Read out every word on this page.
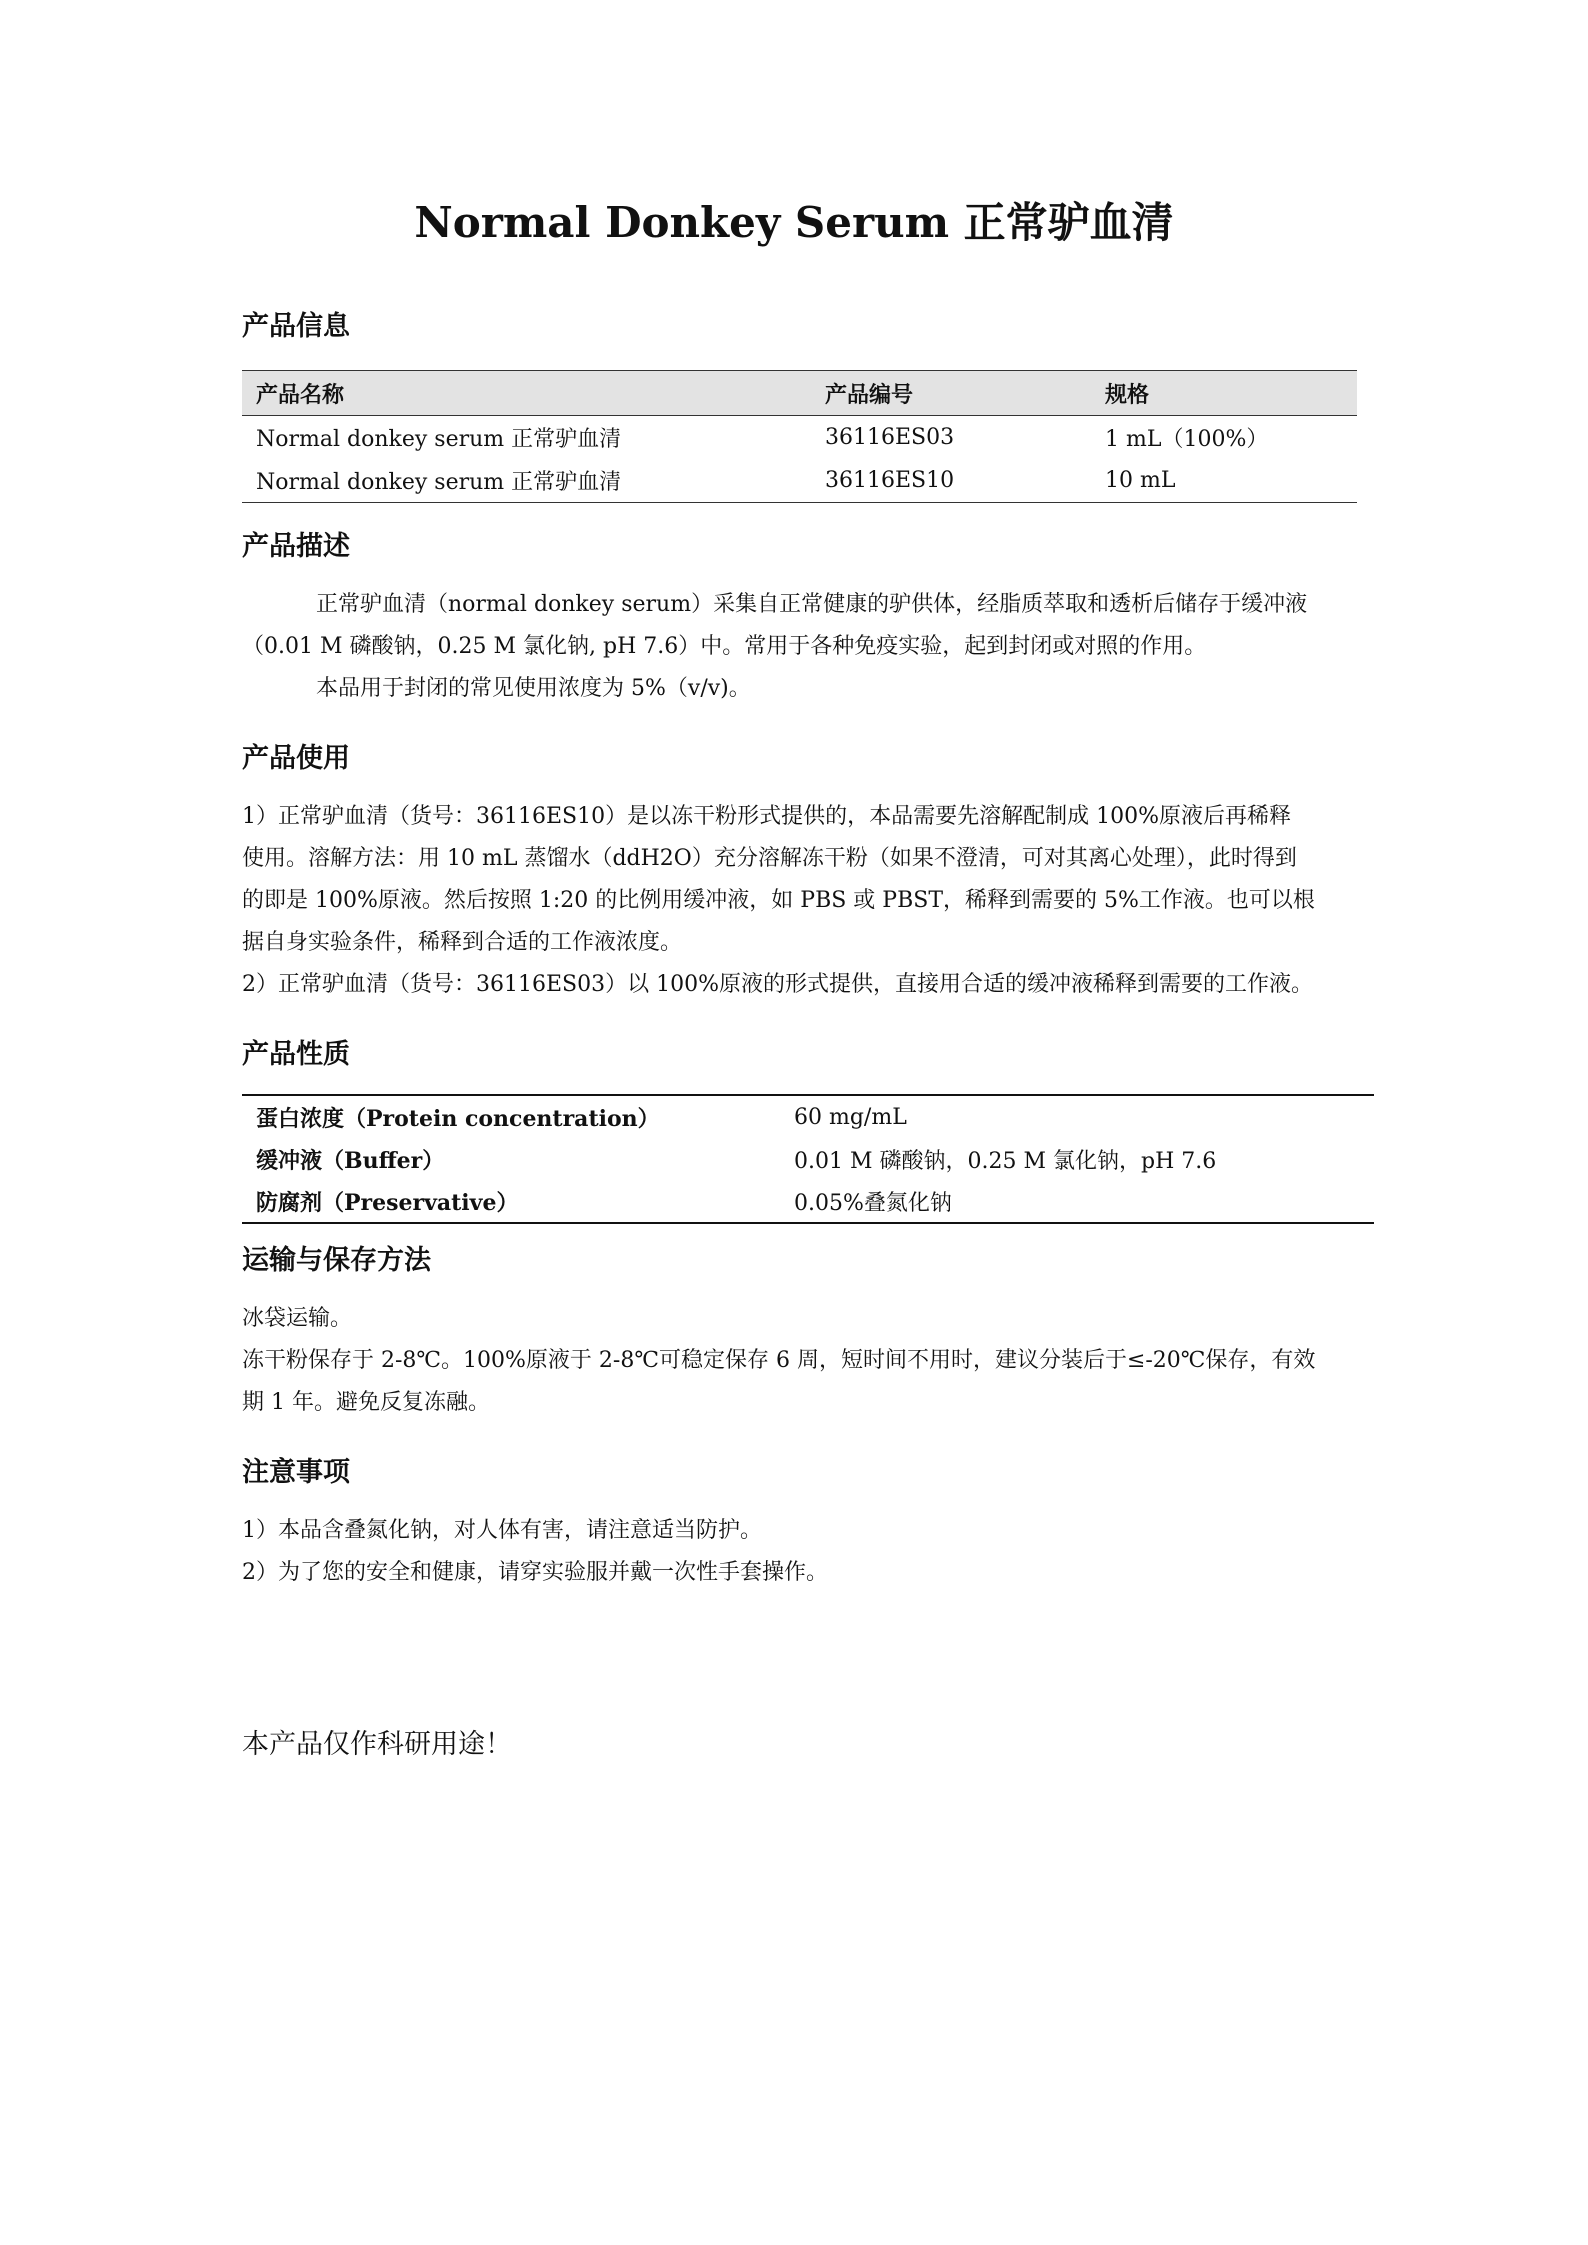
Normal Donkey Serum 正常驴血清
产品信息
产品名称	产品编号	规格
Normal donkey serum 正常驴血清	36116ES03	1 mL（100%）
Normal donkey serum 正常驴血清	36116ES10	10 mL
产品描述
正常驴血清（normal donkey serum）采集自正常健康的驴供体，经脂质萃取和透析后储存于缓冲液
（0.01 M 磷酸钠，0.25 M 氯化钠, pH 7.6）中。常用于各种免疫实验，起到封闭或对照的作用。
本品用于封闭的常见使用浓度为 5%（v/v)。
产品使用
1）正常驴血清（货号：36116ES10）是以冻干粉形式提供的，本品需要先溶解配制成 100%原液后再稀释
使用。溶解方法：用 10 mL 蒸馏水（ddH2O）充分溶解冻干粉（如果不澄清，可对其离心处理），此时得到
的即是 100%原液。然后按照 1:20 的比例用缓冲液，如 PBS 或 PBST，稀释到需要的 5%工作液。也可以根
据自身实验条件，稀释到合适的工作液浓度。
2）正常驴血清（货号：36116ES03）以 100%原液的形式提供，直接用合适的缓冲液稀释到需要的工作液。
产品性质
蛋白浓度（Protein concentration）	60 mg/mL
缓冲液（Buffer）	0.01 M 磷酸钠，0.25 M 氯化钠，pH 7.6
防腐剂（Preservative）	0.05%叠氮化钠
运输与保存方法
冰袋运输。
冻干粉保存于 2-8℃。100%原液于 2-8℃可稳定保存 6 周，短时间不用时，建议分装后于≤-20℃保存，有效
期 1 年。避免反复冻融。
注意事项
1）本品含叠氮化钠，对人体有害，请注意适当防护。
2）为了您的安全和健康，请穿实验服并戴一次性手套操作。
本产品仅作科研用途！
